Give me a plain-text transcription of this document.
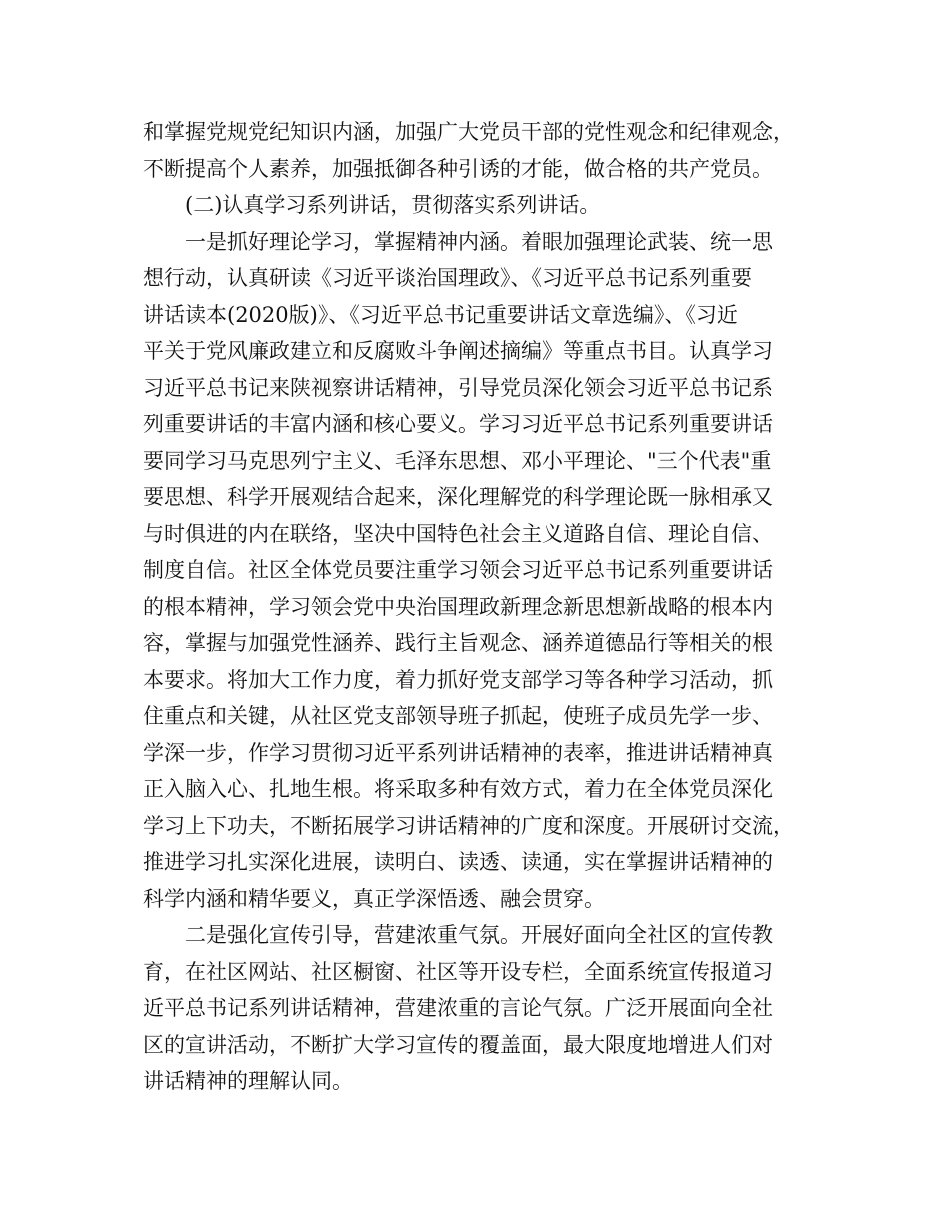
和掌握党规党纪知识内涵，加强广大党员干部的党性观念和纪律观念，
不断提高个人素养，加强抵御各种引诱的才能，做合格的共产党员。
(二)认真学习系列讲话，贯彻落实系列讲话。
一是抓好理论学习，掌握精神内涵。着眼加强理论武装、统一思
想行动，认真研读《习近平谈治国理政》、《习近平总书记系列重要
讲话读本(2020版)》、《习近平总书记重要讲话文章选编》、《习近
平关于党风廉政建立和反腐败斗争阐述摘编》等重点书目。认真学习
习近平总书记来陕视察讲话精神，引导党员深化领会习近平总书记系
列重要讲话的丰富内涵和核心要义。学习习近平总书记系列重要讲话
要同学习马克思列宁主义、毛泽东思想、邓小平理论、"三个代表"重
要思想、科学开展观结合起来，深化理解党的科学理论既一脉相承又
与时俱进的内在联络，坚决中国特色社会主义道路自信、理论自信、
制度自信。社区全体党员要注重学习领会习近平总书记系列重要讲话
的根本精神，学习领会党中央治国理政新理念新思想新战略的根本内
容，掌握与加强党性涵养、践行主旨观念、涵养道德品行等相关的根
本要求。将加大工作力度，着力抓好党支部学习等各种学习活动，抓
住重点和关键，从社区党支部领导班子抓起，使班子成员先学一步、
学深一步，作学习贯彻习近平系列讲话精神的表率，推进讲话精神真
正入脑入心、扎地生根。将采取多种有效方式，着力在全体党员深化
学习上下功夫，不断拓展学习讲话精神的广度和深度。开展研讨交流，
推进学习扎实深化进展，读明白、读透、读通，实在掌握讲话精神的
科学内涵和精华要义，真正学深悟透、融会贯穿。
二是强化宣传引导，营建浓重气氛。开展好面向全社区的宣传教
育，在社区网站、社区橱窗、社区等开设专栏，全面系统宣传报道习
近平总书记系列讲话精神，营建浓重的言论气氛。广泛开展面向全社
区的宣讲活动，不断扩大学习宣传的覆盖面，最大限度地增进人们对
讲话精神的理解认同。
